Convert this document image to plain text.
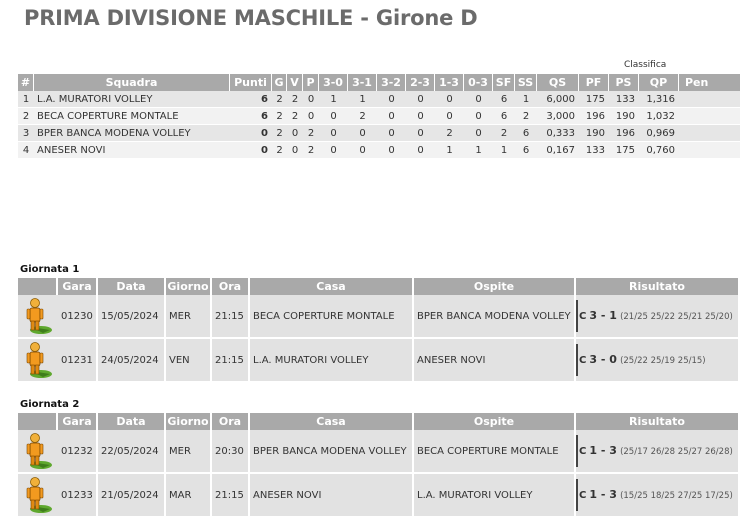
PRIMA DIVISIONE MASCHILE - Girone D
Classifica
#	Squadra	Punti	G	V	P	3-0	3-1	3-2	2-3	1-3	0-3	SF	SS	QS	PF	PS	QP	Pen
1	L.A. MURATORI VOLLEY	6	2	2	0	1	1	0	0	0	0	6	1	6,000	175	133	1,316	
2	BECA COPERTURE MONTALE	6	2	2	0	0	2	0	0	0	0	6	2	3,000	196	190	1,032	
3	BPER BANCA MODENA VOLLEY	0	2	0	2	0	0	0	0	2	0	2	6	0,333	190	196	0,969	
4	ANESER NOVI	0	2	0	2	0	0	0	0	1	1	1	6	0,167	133	175	0,760	
Giornata 1
	Gara	Data	Giorno	Ora	Casa	Ospite	Risultato

	01230	15/05/2024	MER	21:15	BECA COPERTURE MONTALE	BPER BANCA MODENA VOLLEY	C 3 - 1 (21/25 25/22 25/21 25/20)

	01231	24/05/2024	VEN	21:15	L.A. MURATORI VOLLEY	ANESER NOVI	C 3 - 0 (25/22 25/19 25/15)
Giornata 2
	Gara	Data	Giorno	Ora	Casa	Ospite	Risultato

	01232	22/05/2024	MER	20:30	BPER BANCA MODENA VOLLEY	BECA COPERTURE MONTALE	C 1 - 3 (25/17 26/28 25/27 26/28)

	01233	21/05/2024	MAR	21:15	ANESER NOVI	L.A. MURATORI VOLLEY	C 1 - 3 (15/25 18/25 27/25 17/25)
